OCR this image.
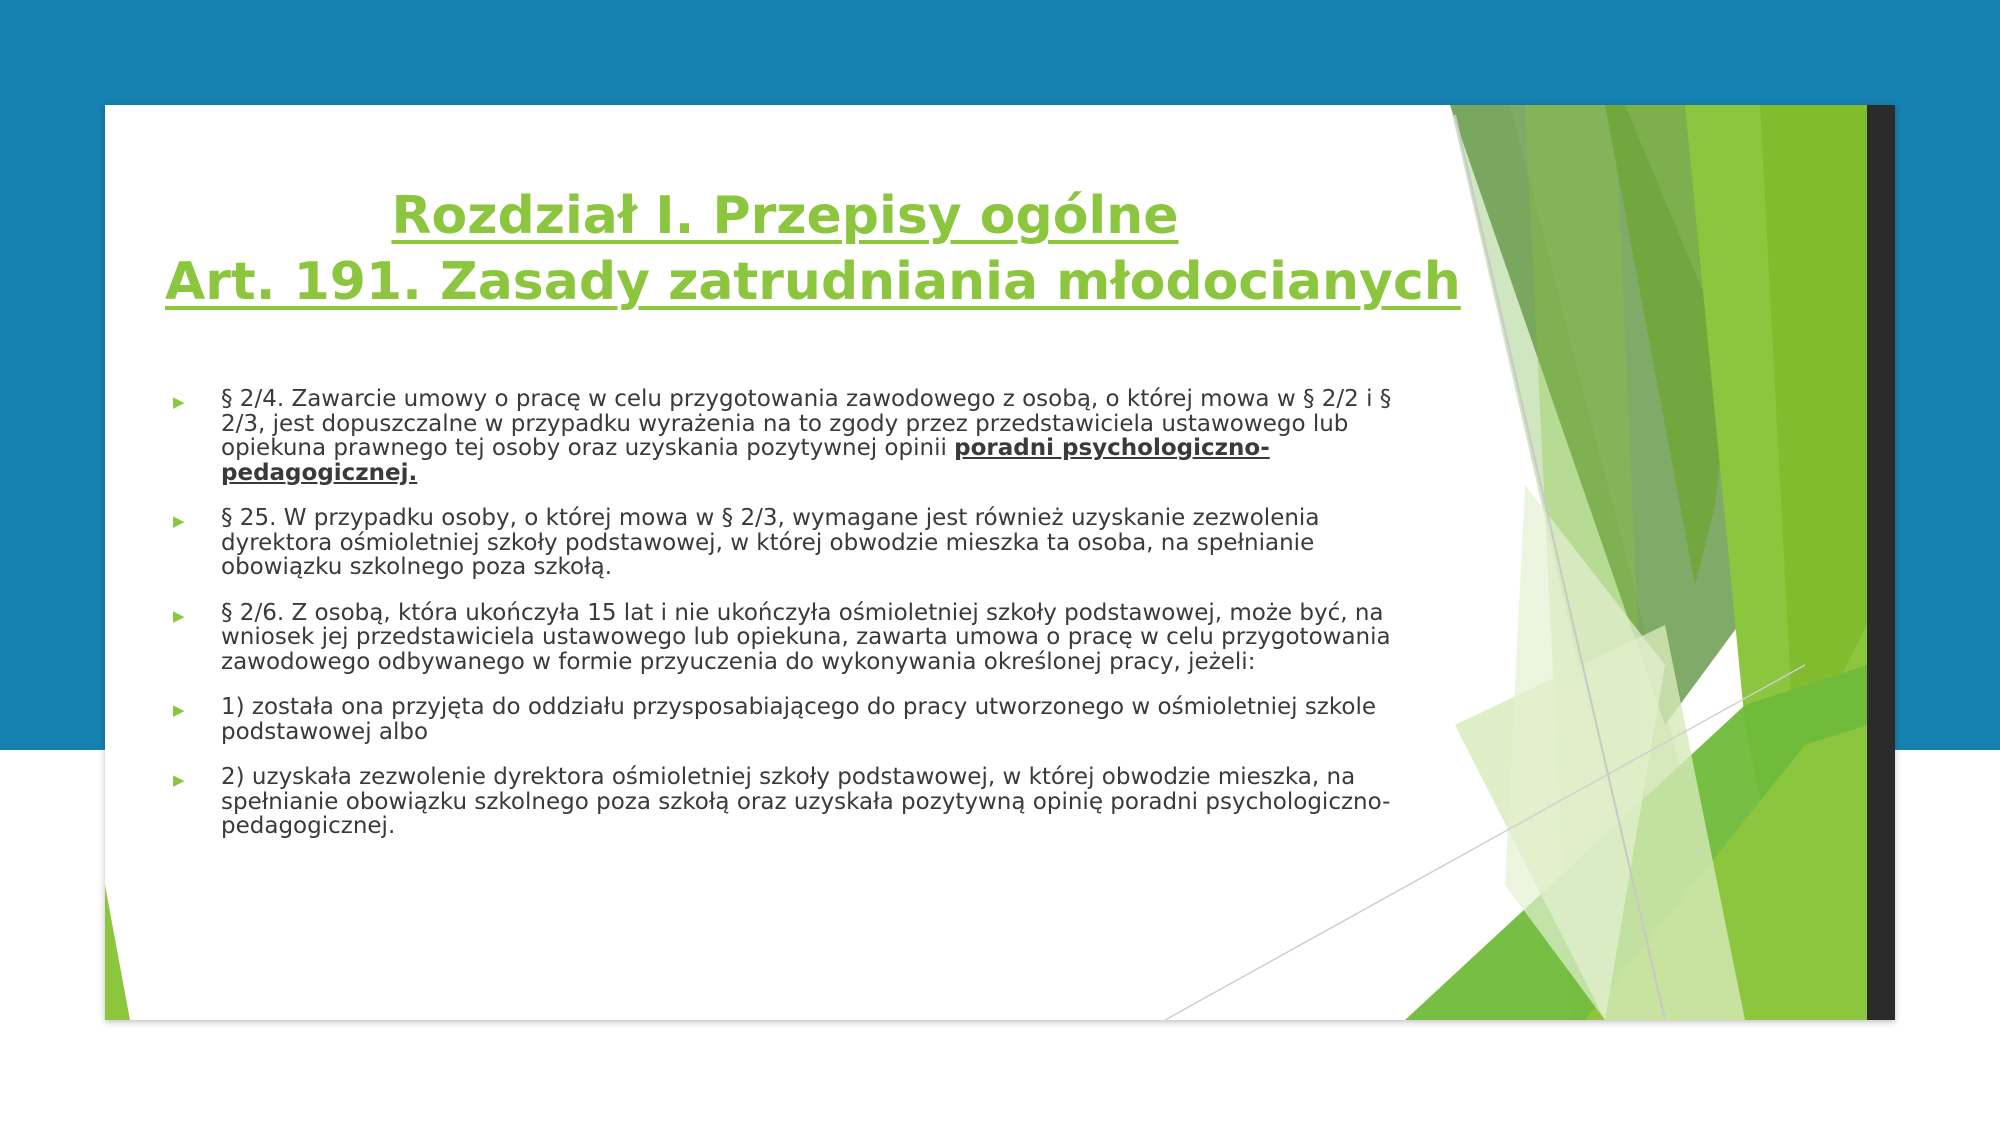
Rozdział I. Przepisy ogólne
Art. 191. Zasady zatrudniania młodocianych
▶ § 2/4. Zawarcie umowy o pracę w celu przygotowania zawodowego z osobą, o której mowa w § 2/2 i § 2/3, jest dopuszczalne w przypadku wyrażenia na to zgody przez przedstawiciela ustawowego lub opiekuna prawnego tej osoby oraz uzyskania pozytywnej opinii poradni psychologiczno-pedagogicznej.
▶ § 25. W przypadku osoby, o której mowa w § 2/3, wymagane jest również uzyskanie zezwolenia dyrektora ośmioletniej szkoły podstawowej, w której obwodzie mieszka ta osoba, na spełnianie obowiązku szkolnego poza szkołą.
▶ § 2/6. Z osobą, która ukończyła 15 lat i nie ukończyła ośmioletniej szkoły podstawowej, może być, na wniosek jej przedstawiciela ustawowego lub opiekuna, zawarta umowa o pracę w celu przygotowania zawodowego odbywanego w formie przyuczenia do wykonywania określonej pracy, jeżeli:
▶ 1) została ona przyjęta do oddziału przysposabiającego do pracy utworzonego w ośmioletniej szkole podstawowej albo
▶ 2) uzyskała zezwolenie dyrektora ośmioletniej szkoły podstawowej, w której obwodzie mieszka, na spełnianie obowiązku szkolnego poza szkołą oraz uzyskała pozytywną opinię poradni psychologiczno-pedagogicznej.
